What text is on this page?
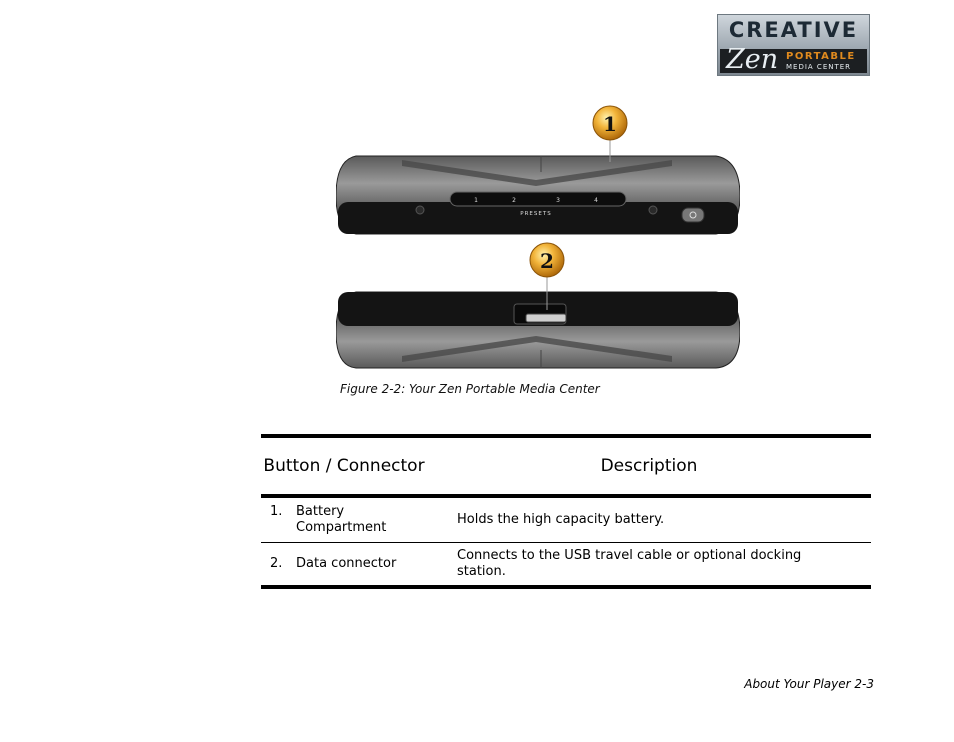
CREATIVE
Zen PORTABLE
MEDIA CENTER
1	2	3	4
PRESETS
1
2
Figure 2-2: Your Zen Portable Media Center
Button / Connector	Description
1. Battery Compartment	Holds the high capacity battery.

2. Data connector	Connects to the USB travel cable or optional docking station.
About Your Player 2-3
